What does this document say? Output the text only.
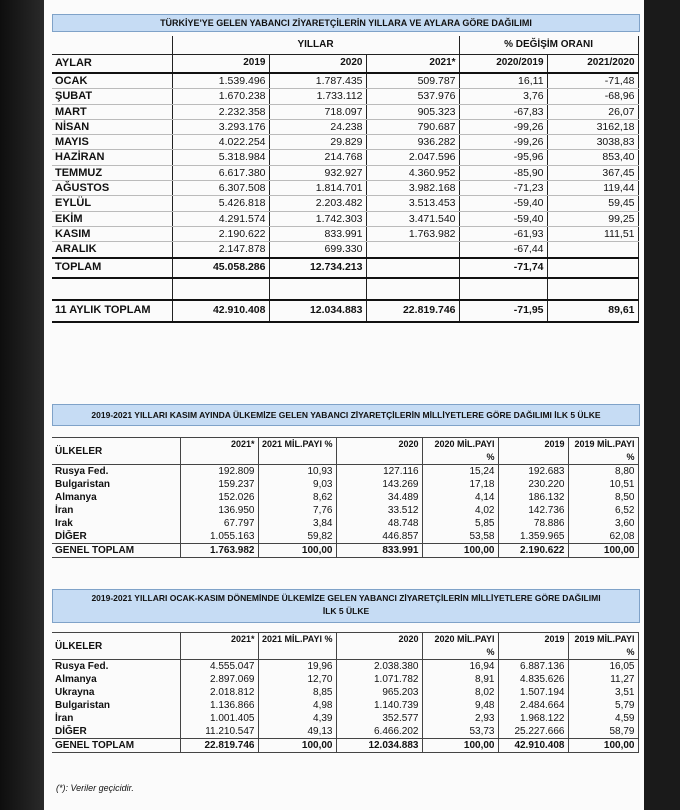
TÜRKİYE'YE GELEN YABANCI ZİYARETÇİLERİN YILLARA VE AYLARA GÖRE DAĞILIMI
	YILLAR			% DEĞİŞİM ORANI	
AYLAR	2019	2020	2021*	2020/2019	2021/2020
OCAK	1.539.496	1.787.435	509.787	16,11	-71,48
ŞUBAT	1.670.238	1.733.112	537.976	3,76	-68,96
MART	2.232.358	718.097	905.323	-67,83	26,07
NİSAN	3.293.176	24.238	790.687	-99,26	3162,18
MAYIS	4.022.254	29.829	936.282	-99,26	3038,83
HAZİRAN	5.318.984	214.768	2.047.596	-95,96	853,40
TEMMUZ	6.617.380	932.927	4.360.952	-85,90	367,45
AĞUSTOS	6.307.508	1.814.701	3.982.168	-71,23	119,44
EYLÜL	5.426.818	2.203.482	3.513.453	-59,40	59,45
EKİM	4.291.574	1.742.303	3.471.540	-59,40	99,25
KASIM	2.190.622	833.991	1.763.982	-61,93	111,51
ARALIK	2.147.878	699.330		-67,44	
TOPLAM	45.058.286	12.734.213		-71,74	

11 AYLIK TOPLAM	42.910.408	12.034.883	22.819.746	-71,95	89,61
2019-2021 YILLARI KASIM AYINDA ÜLKEMİZE GELEN YABANCI ZİYARETÇİLERİN MİLLİYETLERE GÖRE DAĞILIMI İLK 5 ÜLKE
ÜLKELER	2021*	2021 MİL.PAYI %	2020	2020 MİL.PAYI %	2019	2019 MİL.PAYI %
Rusya Fed.	192.809	10,93	127.116	15,24	192.683	8,80
Bulgaristan	159.237	9,03	143.269	17,18	230.220	10,51
Almanya	152.026	8,62	34.489	4,14	186.132	8,50
İran	136.950	7,76	33.512	4,02	142.736	6,52
Irak	67.797	3,84	48.748	5,85	78.886	3,60
DİĞER	1.055.163	59,82	446.857	53,58	1.359.965	62,08
GENEL TOPLAM	1.763.982	100,00	833.991	100,00	2.190.622	100,00
2019-2021 YILLARI OCAK-KASIM DÖNEMİNDE ÜLKEMİZE GELEN YABANCI ZİYARETÇİLERİN MİLLİYETLERE GÖRE DAĞILIMI
İLK 5 ÜLKE
ÜLKELER	2021*	2021 MİL.PAYI %	2020	2020 MİL.PAYI %	2019	2019 MİL.PAYI %
Rusya Fed.	4.555.047	19,96	2.038.380	16,94	6.887.136	16,05
Almanya	2.897.069	12,70	1.071.782	8,91	4.835.626	11,27
Ukrayna	2.018.812	8,85	965.203	8,02	1.507.194	3,51
Bulgaristan	1.136.866	4,98	1.140.739	9,48	2.484.664	5,79
İran	1.001.405	4,39	352.577	2,93	1.968.122	4,59
DİĞER	11.210.547	49,13	6.466.202	53,73	25.227.666	58,79
GENEL TOPLAM	22.819.746	100,00	12.034.883	100,00	42.910.408	100,00
(*): Veriler geçicidir.
